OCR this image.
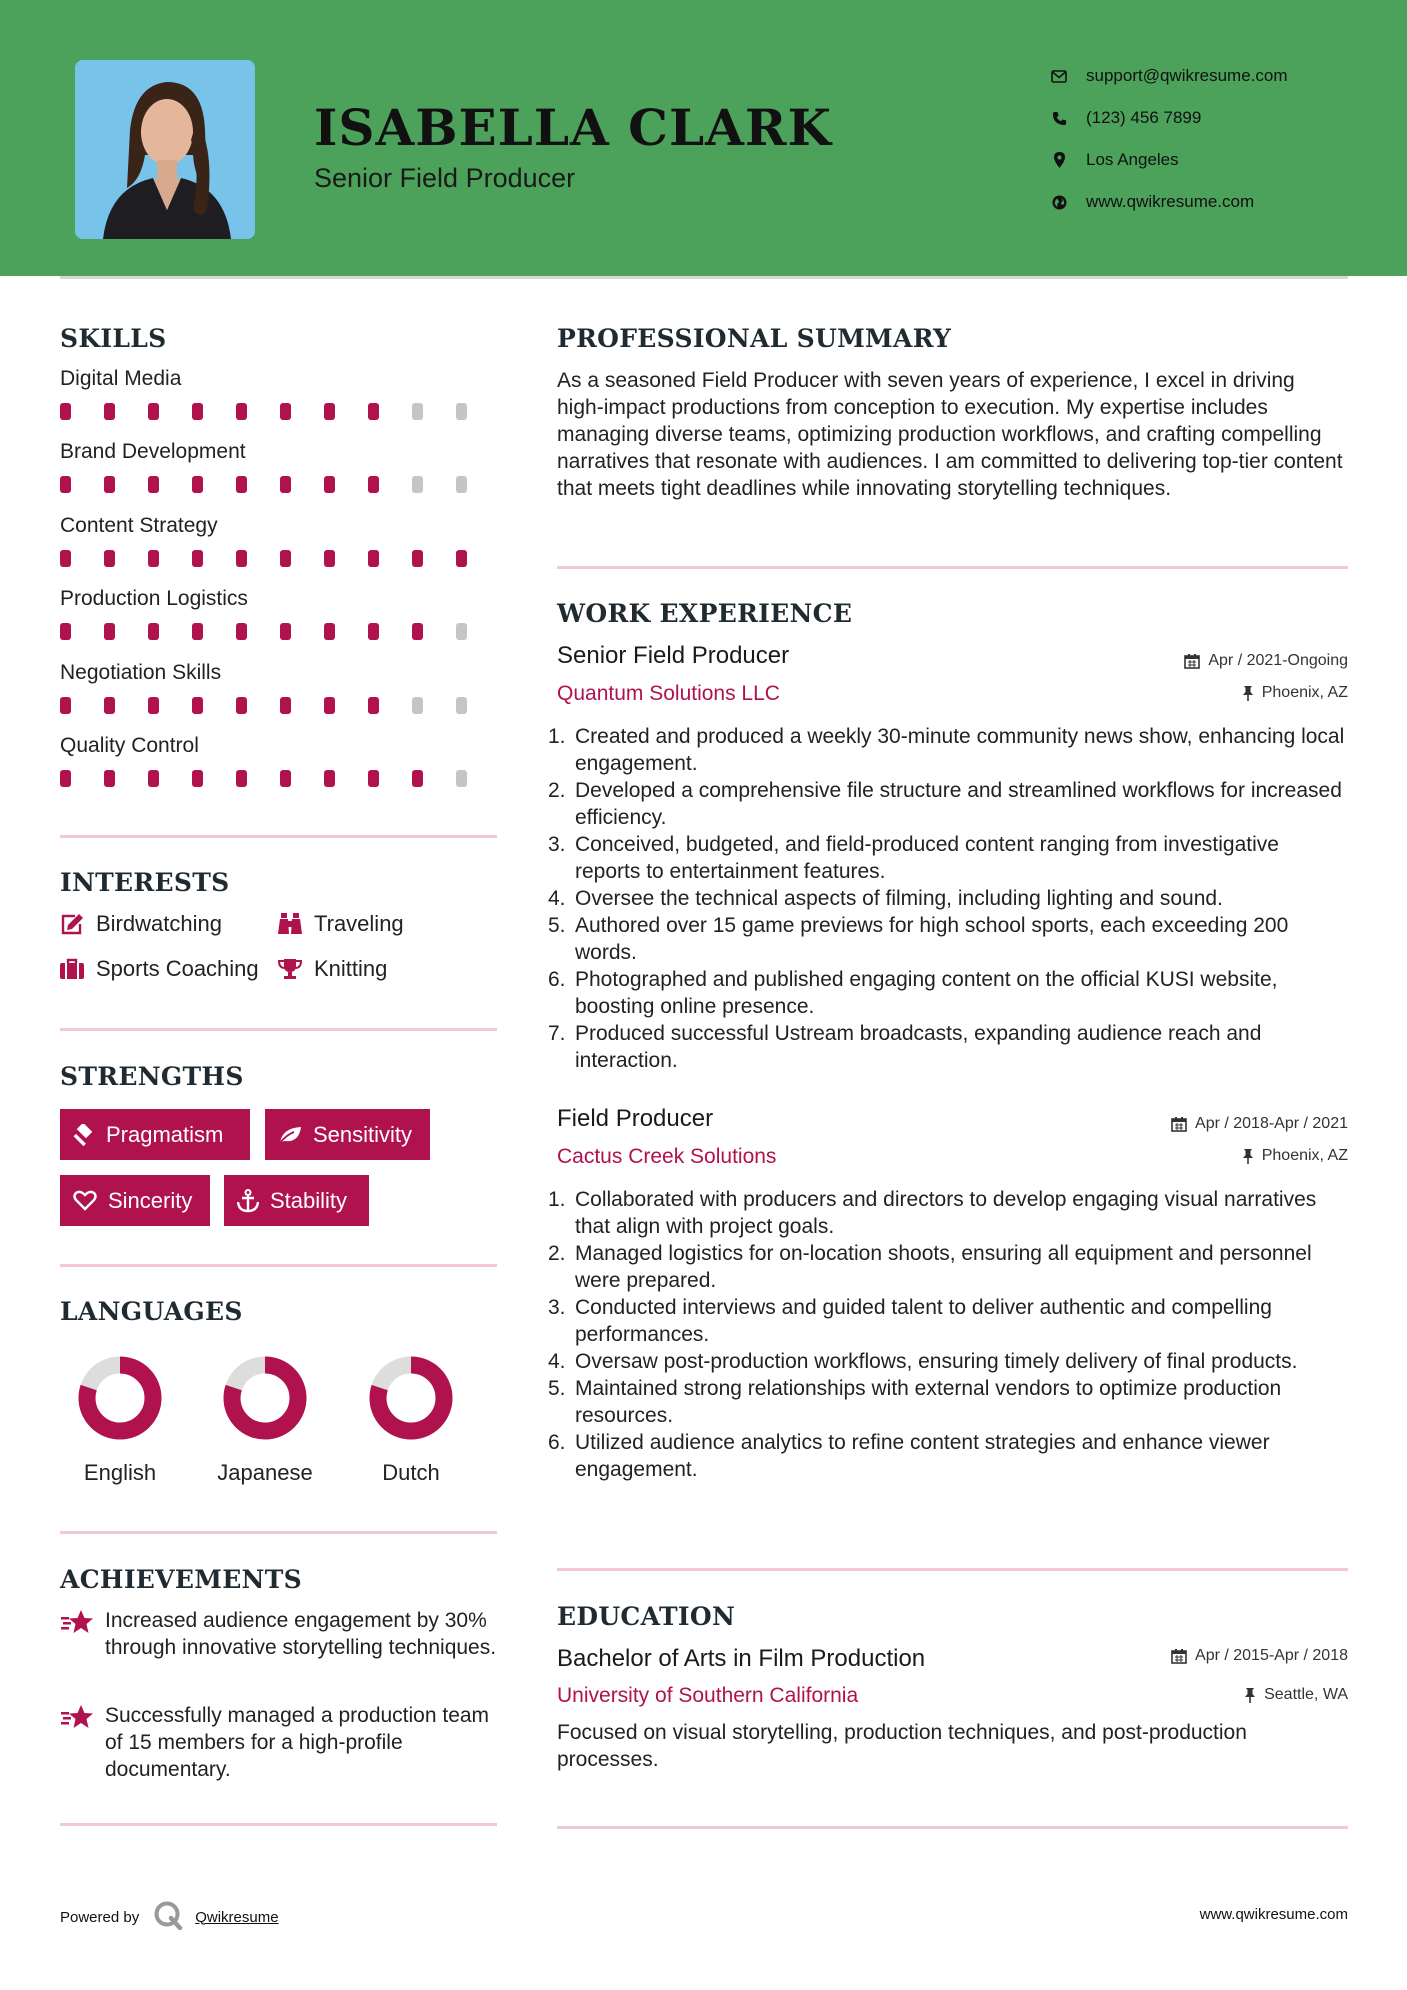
ISABELLA CLARK
Senior Field Producer
support@qwikresume.com
(123) 456 7899
Los Angeles
www.qwikresume.com
SKILLS
Digital Media
Brand Development
Content Strategy
Production Logistics
Negotiation Skills
Quality Control
INTERESTS
Birdwatching	Traveling
Sports Coaching	Knitting
STRENGTHS
Pragmatism	Sensitivity
Sincerity	Stability
LANGUAGES
English	Japanese	Dutch
ACHIEVEMENTS
Increased audience engagement by 30% through innovative storytelling techniques.
Successfully managed a production team of 15 members for a high-profile documentary.
PROFESSIONAL SUMMARY
As a seasoned Field Producer with seven years of experience, I excel in driving high-impact productions from conception to execution. My expertise includes managing diverse teams, optimizing production workflows, and crafting compelling narratives that resonate with audiences. I am committed to delivering top-tier content that meets tight deadlines while innovating storytelling techniques.
WORK EXPERIENCE
Senior Field Producer
Quantum Solutions LLC
Apr / 2021-Ongoing
Phoenix, AZ
1. Created and produced a weekly 30-minute community news show, enhancing local engagement.
2. Developed a comprehensive file structure and streamlined workflows for increased efficiency.
3. Conceived, budgeted, and field-produced content ranging from investigative reports to entertainment features.
4. Oversee the technical aspects of filming, including lighting and sound.
5. Authored over 15 game previews for high school sports, each exceeding 200 words.
6. Photographed and published engaging content on the official KUSI website, boosting online presence.
7. Produced successful Ustream broadcasts, expanding audience reach and interaction.
Field Producer
Cactus Creek Solutions
Apr / 2018-Apr / 2021
Phoenix, AZ
1. Collaborated with producers and directors to develop engaging visual narratives that align with project goals.
2. Managed logistics for on-location shoots, ensuring all equipment and personnel were prepared.
3. Conducted interviews and guided talent to deliver authentic and compelling performances.
4. Oversaw post-production workflows, ensuring timely delivery of final products.
5. Maintained strong relationships with external vendors to optimize production resources.
6. Utilized audience analytics to refine content strategies and enhance viewer engagement.
EDUCATION
Bachelor of Arts in Film Production
University of Southern California
Apr / 2015-Apr / 2018
Seattle, WA
Focused on visual storytelling, production techniques, and post-production processes.
Powered by	Qwikresume	www.qwikresume.com
